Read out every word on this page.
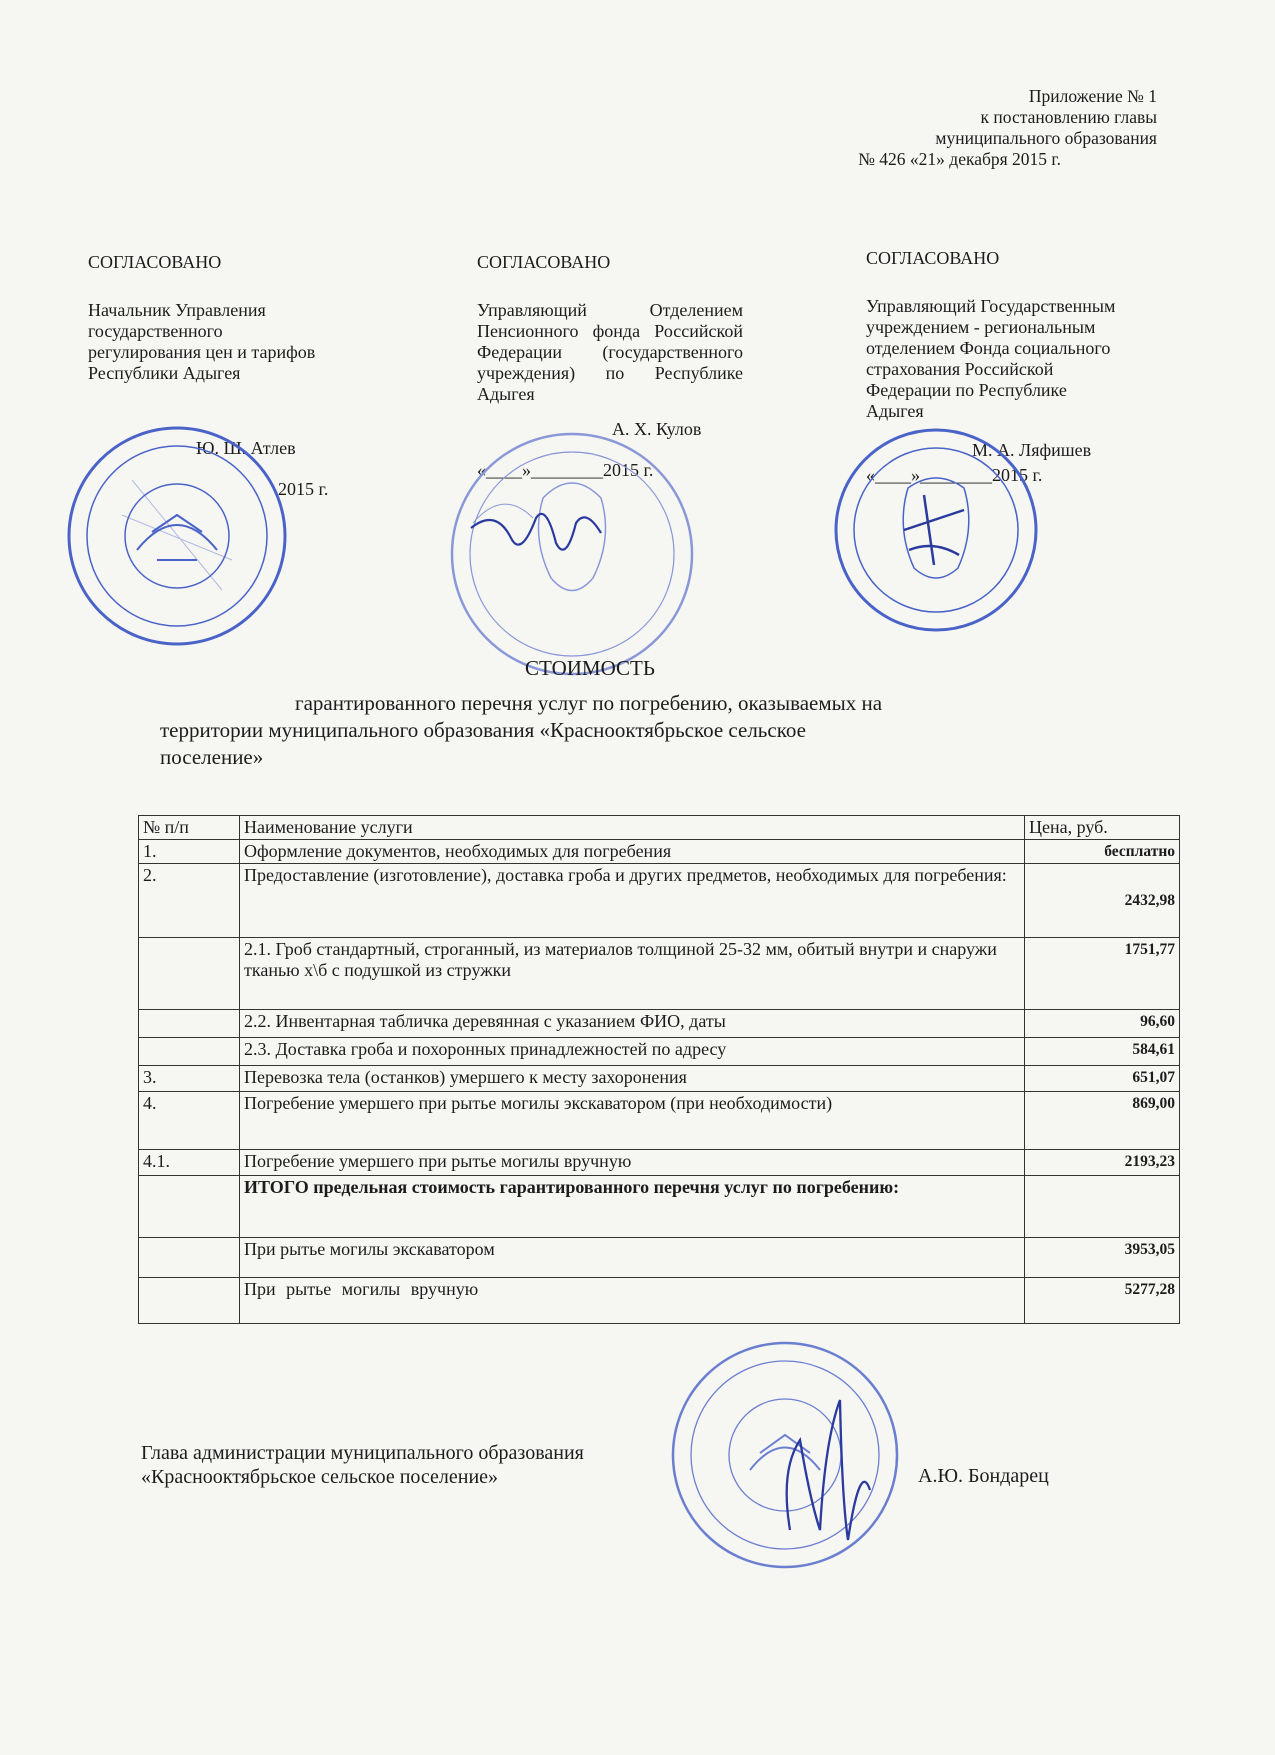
Приложение № 1
к постановлению главы
муниципального образования
№ 426 «21» декабря 2015 г.
СОГЛАСОВАНО
Начальник Управления государственного регулирования цен и тарифов Республики Адыгея
Ю. Ш. Атлев
2015 г.
СОГЛАСОВАНО
Управляющий Отделением Пенсионного фонда Российской Федерации (государственного учреждения) по Республике Адыгея
А. Х. Кулов
«____»________2015 г.
СОГЛАСОВАНО
Управляющий Государственным учреждением - региональным отделением Фонда социального страхования Российской Федерации по Республике Адыгея
М. А. Ляфишев
«____»________2015 г.
СТОИМОСТЬ
гарантированного перечня услуг по погребению, оказываемых на
территории муниципального образования «Краснооктябрьское сельское
поселение»
№ п/п	Наименование услуги	Цена, руб.
1.	Оформление документов, необходимых для погребения	бесплатно
2.	Предоставление (изготовление), доставка гроба и других предметов, необходимых для погребения:	2432,98
	2.1. Гроб стандартный, строганный, из материалов толщиной 25-32 мм, обитый внутри и снаружи тканью х\б с подушкой из стружки	1751,77
	2.2. Инвентарная табличка деревянная с указанием ФИО, даты	96,60
	2.3. Доставка гроба и похоронных принадлежностей по адресу	584,61
3.	Перевозка тела (останков) умершего к месту захоронения	651,07
4.	Погребение умершего при рытье могилы экскаватором (при необходимости)	869,00
4.1.	Погребение умершего при рытье могилы вручную	2193,23
	ИТОГО предельная стоимость гарантированного перечня услуг по погребению:	
	При рытье могилы экскаватором	3953,05
	При рытье могилы вручную	5277,28
Глава администрации муниципального образования
«Краснооктябрьское сельское поселение»	А.Ю. Бондарец
